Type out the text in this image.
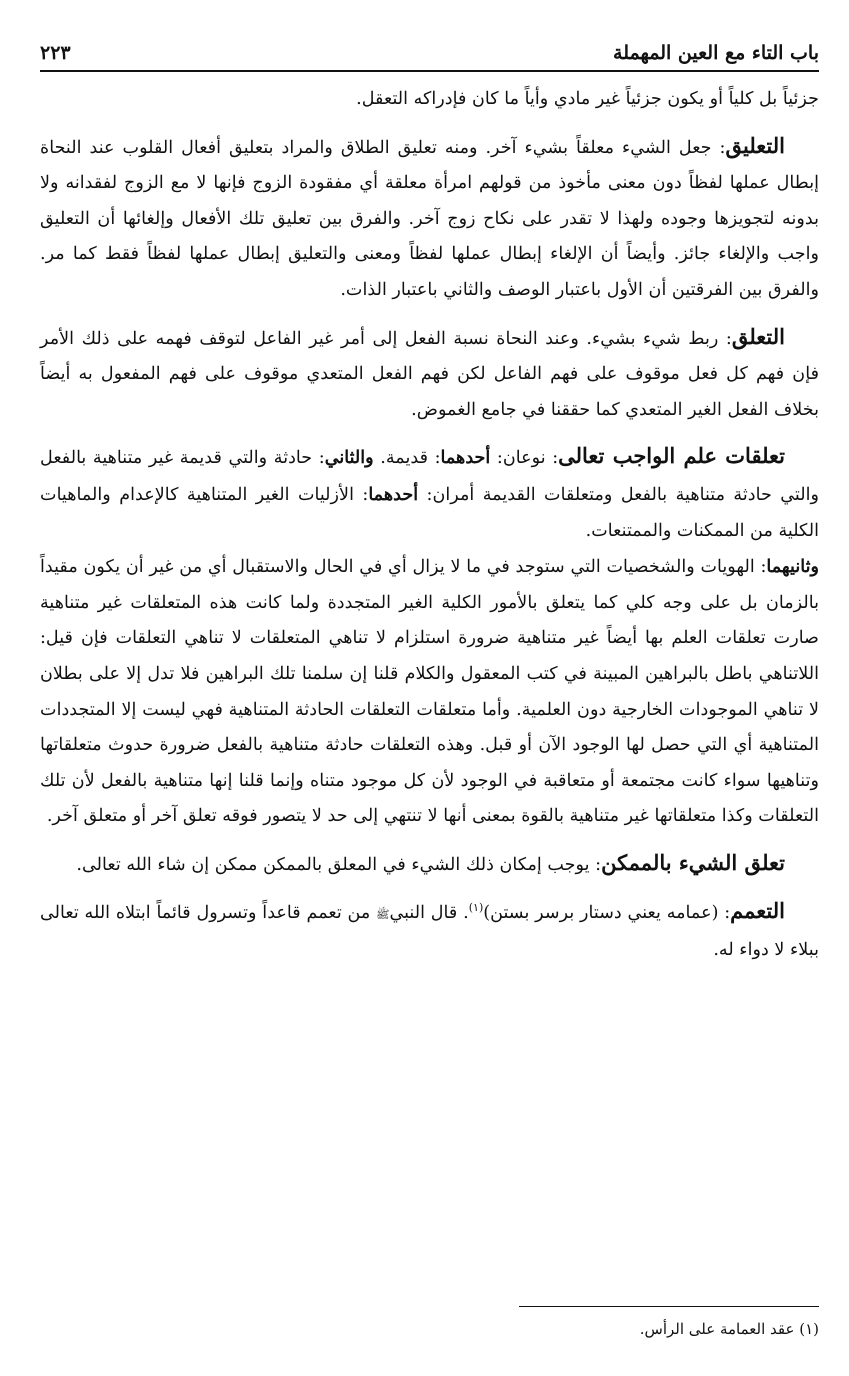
باب التاء مع العين المهملة
٢٢٣

جزئياً بل كلياً أو يكون جزئياً غير مادي وأياً ما كان فإدراكه التعقل.

التعليق: جعل الشيء معلقاً بشيء آخر. ومنه تعليق الطلاق والمراد بتعليق أفعال القلوب عند النحاة إبطال عملها لفظاً دون معنى مأخوذ من قولهم امرأة معلقة أي مفقودة الزوج فإنها لا مع الزوج لفقدانه ولا بدونه لتجويزها وجوده ولهذا لا تقدر على نكاح زوج آخر. والفرق بين تعليق تلك الأفعال وإلغائها أن التعليق واجب والإلغاء جائز. وأيضاً أن الإلغاء إبطال عملها لفظاً ومعنى والتعليق إبطال عملها لفظاً فقط كما مر. والفرق بين الفرقتين أن الأول باعتبار الوصف والثاني باعتبار الذات.

التعلق: ربط شيء بشيء. وعند النحاة نسبة الفعل إلى أمر غير الفاعل لتوقف فهمه على ذلك الأمر فإن فهم كل فعل موقوف على فهم الفاعل لكن فهم الفعل المتعدي موقوف على فهم المفعول به أيضاً بخلاف الفعل الغير المتعدي كما حققنا في جامع الغموض.

تعلقات علم الواجب تعالى: نوعان: أحدهما: قديمة. والثاني: حادثة والتي قديمة غير متناهية بالفعل والتي حادثة متناهية بالفعل ومتعلقات القديمة أمران: أحدهما: الأزليات الغير المتناهية كالإعدام والماهيات الكلية من الممكنات والممتنعات.

وثانيهما: الهويات والشخصيات التي ستوجد في ما لا يزال أي في الحال والاستقبال أي من غير أن يكون مقيداً بالزمان بل على وجه كلي كما يتعلق بالأمور الكلية الغير المتجددة ولما كانت هذه المتعلقات غير متناهية صارت تعلقات العلم بها أيضاً غير متناهية ضرورة استلزام لا تناهي المتعلقات لا تناهي التعلقات فإن قيل: اللاتناهي باطل بالبراهين المبينة في كتب المعقول والكلام قلنا إن سلمنا تلك البراهين فلا تدل إلا على بطلان لا تناهي الموجودات الخارجية دون العلمية. وأما متعلقات التعلقات الحادثة المتناهية فهي ليست إلا المتجددات المتناهية أي التي حصل لها الوجود الآن أو قبل. وهذه التعلقات حادثة متناهية بالفعل ضرورة حدوث متعلقاتها وتناهيها سواء كانت مجتمعة أو متعاقبة في الوجود لأن كل موجود متناه وإنما قلنا إنها متناهية بالفعل لأن تلك التعلقات وكذا متعلقاتها غير متناهية بالقوة بمعنى أنها لا تنتهي إلى حد لا يتصور فوقه تعلق آخر أو متعلق آخر.

تعلق الشيء بالممكن: يوجب إمكان ذلك الشيء في المعلق بالممكن ممكن إن شاء الله تعالى.

التعمم: (عمامه يعني دستار برسر بستن)$^{(١)}$. قال النبيﷺ من تعمم قاعداً وتسرول قائماً ابتلاه الله تعالى ببلاء لا دواء له.

(١) عقد العمامة على الرأس.
